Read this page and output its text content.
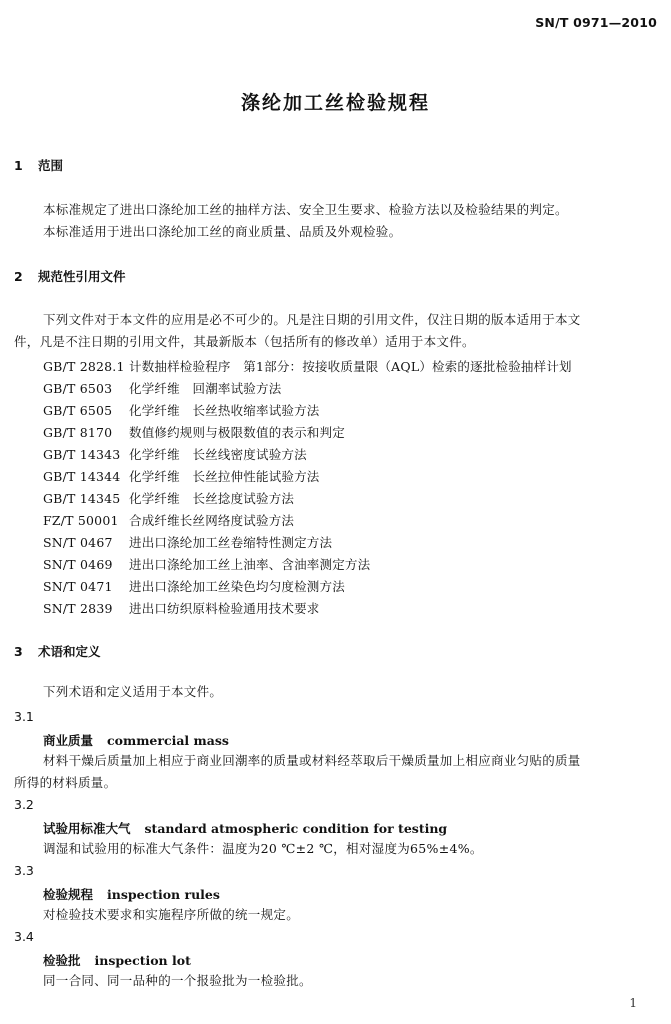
SN/T 0971—2010
涤纶加工丝检验规程
1 范围
本标准规定了进出口涤纶加工丝的抽样方法、安全卫生要求、检验方法以及检验结果的判定。
本标准适用于进出口涤纶加工丝的商业质量、品质及外观检验。
2 规范性引用文件
下列文件对于本文件的应用是必不可少的。凡是注日期的引用文件，仅注日期的版本适用于本文
件，凡是不注日期的引用文件，其最新版本（包括所有的修改单）适用于本文件。
GB/T 2828.1 计数抽样检验程序　第1部分：按接收质量限（AQL）检索的逐批检验抽样计划
GB/T 6503 化学纤维　回潮率试验方法
GB/T 6505 化学纤维　长丝热收缩率试验方法
GB/T 8170 数值修约规则与极限数值的表示和判定
GB/T 14343 化学纤维　长丝线密度试验方法
GB/T 14344 化学纤维　长丝拉伸性能试验方法
GB/T 14345 化学纤维　长丝捻度试验方法
FZ/T 50001 合成纤维长丝网络度试验方法
SN/T 0467 进出口涤纶加工丝卷缩特性测定方法
SN/T 0469 进出口涤纶加工丝上油率、含油率测定方法
SN/T 0471 进出口涤纶加工丝染色均匀度检测方法
SN/T 2839 进出口纺织原料检验通用技术要求
3 术语和定义
下列术语和定义适用于本文件。
3.1
商业质量 commercial mass
材料干燥后质量加上相应于商业回潮率的质量或材料经萃取后干燥质量加上相应商业匀贴的质量
所得的材料质量。
3.2
试验用标准大气 standard atmospheric condition for testing
调湿和试验用的标准大气条件：温度为20 ℃±2 ℃，相对湿度为65%±4%。
3.3
检验规程 inspection rules
对检验技术要求和实施程序所做的统一规定。
3.4
检验批 inspection lot
同一合同、同一品种的一个报验批为一检验批。
1
